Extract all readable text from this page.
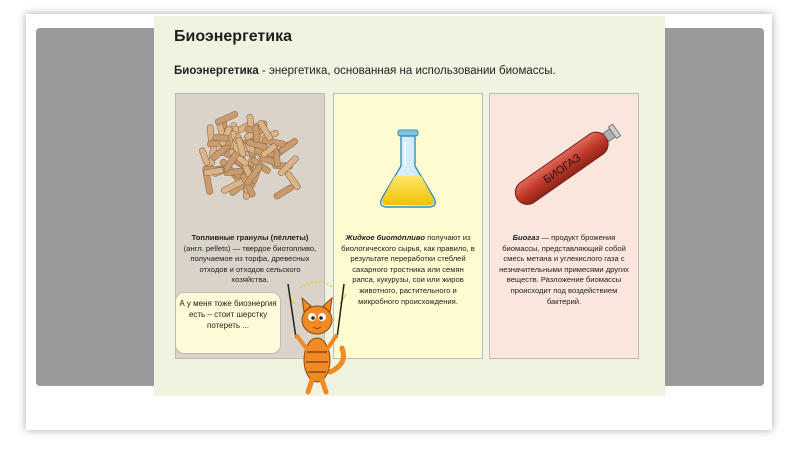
Биоэнергетика
Биоэнергетика - энергетика, основанная на использовании биомассы.
Топливные гранулы (пе́ллеты) (англ. pellets) — твердое биотопливо, получаемое из торфа, древесных отходов и отходов сельского хозяйства.
Жидкое биото́пливо получают из биологического сырья, как правило, в результате переработки стеблей сахарного тростника или семян рапса, кукурузы, сои или жиров животного, растительного и микробного происхождения.
БИОГАЗ
Биогаз — продукт брожения биомассы, представляющий собой смесь метана и углекислого газа с незначительными примесями других веществ. Разложение биомассы происходит под воздействием бактерий.
А у меня тоже биоэнергия есть – стоит шерстку потереть ...
